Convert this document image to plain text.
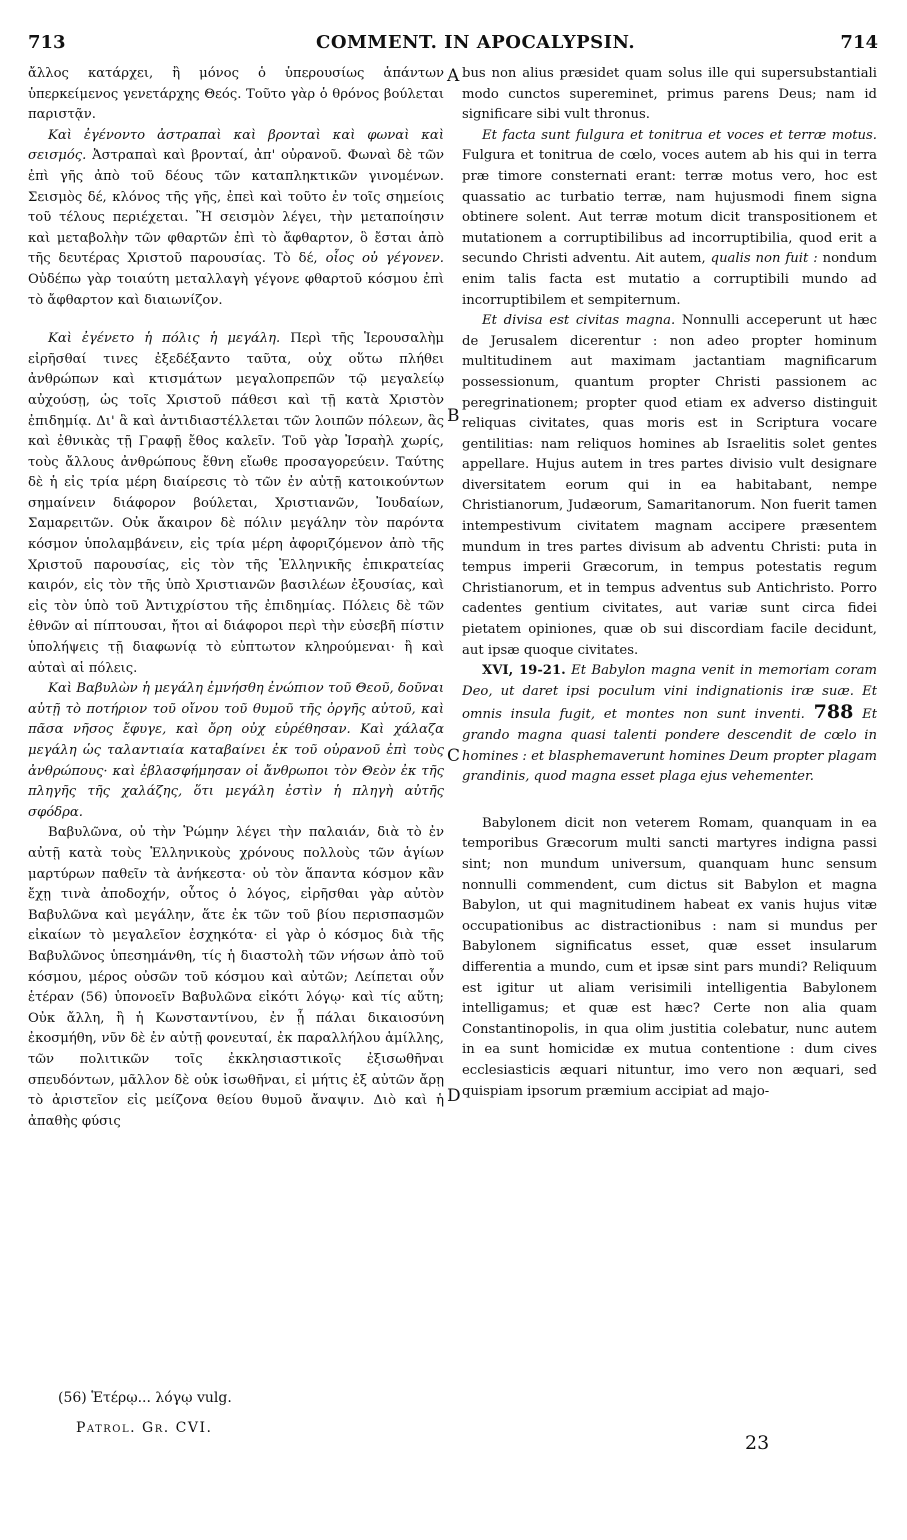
713	COMMENT. IN APOCALYPSIN.	714

ἄλλος κατάρχει, ἢ μόνος ὁ ὑπερουσίως ἁπάντων ὑπερκείμενος γενετάρχης Θεός. Τοῦτο γὰρ ὁ θρόνος βούλεται παριστᾷν.

Καὶ ἐγένοντο ἀστραπαὶ καὶ βρονταὶ καὶ φωναὶ καὶ σεισμός. Ἀστραπαὶ καὶ βρονταί, ἀπ' οὐρανοῦ. Φωναὶ δὲ τῶν ἐπὶ γῆς ἀπὸ τοῦ δέους τῶν καταπληκτικῶν γινομένων. Σεισμὸς δέ, κλόνος τῆς γῆς, ἐπεὶ καὶ τοῦτο ἐν τοῖς σημείοις τοῦ τέλους περιέχεται. Ἢ σεισμὸν λέγει, τὴν μεταποίησιν καὶ μεταβολὴν τῶν φθαρτῶν ἐπὶ τὸ ἄφθαρτον, ὃ ἔσται ἀπὸ τῆς δευτέρας Χριστοῦ παρουσίας. Τὸ δέ, οἷος οὐ γέγονεν. Οὐδέπω γὰρ τοιαύτη μεταλλαγὴ γέγονε φθαρτοῦ κόσμου ἐπὶ τὸ ἄφθαρτον καὶ διαιωνίζον.

Καὶ ἐγένετο ἡ πόλις ἡ μεγάλη. Περὶ τῆς Ἱερουσαλὴμ εἰρῆσθαί τινες ἐξεδέξαντο ταῦτα, οὐχ οὕτω πλήθει ἀνθρώπων καὶ κτισμάτων μεγαλοπρεπῶν τῷ μεγαλείῳ αὐχούσῃ, ὡς τοῖς Χριστοῦ πάθεσι καὶ τῇ κατὰ Χριστὸν ἐπιδημίᾳ. Δι' ἃ καὶ ἀντιδιαστέλλεται τῶν λοιπῶν πόλεων, ἃς καὶ ἐθνικὰς τῇ Γραφῇ ἔθος καλεῖν. Τοῦ γὰρ Ἰσραὴλ χωρίς, τοὺς ἄλλους ἀνθρώπους ἔθνη εἴωθε προσαγορεύειν. Ταύτης δὲ ἡ εἰς τρία μέρη διαίρεσις τὸ τῶν ἐν αὐτῇ κατοικούντων σημαίνειν διάφορον βούλεται, Χριστιανῶν, Ἰουδαίων, Σαμαρειτῶν. Οὐκ ἄκαιρον δὲ πόλιν μεγάλην τὸν παρόντα κόσμον ὑπολαμβάνειν, εἰς τρία μέρη ἀφοριζόμενον ἀπὸ τῆς Χριστοῦ παρουσίας, εἰς τὸν τῆς Ἑλληνικῆς ἐπικρατείας καιρόν, εἰς τὸν τῆς ὑπὸ Χριστιανῶν βασιλέων ἐξουσίας, καὶ εἰς τὸν ὑπὸ τοῦ Ἀντιχρίστου τῆς ἐπιδημίας. Πόλεις δὲ τῶν ἐθνῶν αἱ πίπτουσαι, ἤτοι αἱ διάφοροι περὶ τὴν εὐσεβῆ πίστιν ὑπολήψεις τῇ διαφωνίᾳ τὸ εὐπτωτον κληρούμεναι· ἢ καὶ αὐταὶ αἱ πόλεις.

Καὶ Βαβυλὼν ἡ μεγάλη ἐμνήσθη ἐνώπιον τοῦ Θεοῦ, δοῦναι αὐτῇ τὸ ποτήριον τοῦ οἴνου τοῦ θυμοῦ τῆς ὀργῆς αὐτοῦ, καὶ πᾶσα νῆσος ἔφυγε, καὶ ὄρη οὐχ εὑρέθησαν. Καὶ χάλαζα μεγάλη ὡς ταλαντιαία καταβαίνει ἐκ τοῦ οὐρανοῦ ἐπὶ τοὺς ἀνθρώπους· καὶ ἐβλασφήμησαν οἱ ἄνθρωποι τὸν Θεὸν ἐκ τῆς πληγῆς τῆς χαλάζης, ὅτι μεγάλη ἐστὶν ἡ πληγὴ αὐτῆς σφόδρα.

Βαβυλῶνα, οὐ τὴν Ῥώμην λέγει τὴν παλαιάν, διὰ τὸ ἐν αὐτῇ κατὰ τοὺς Ἑλληνικοὺς χρόνους πολλοὺς τῶν ἁγίων μαρτύρων παθεῖν τὰ ἀνήκεστα· οὐ τὸν ἅπαντα κόσμον κἂν ἔχῃ τινὰ ἀποδοχήν, οὗτος ὁ λόγος, εἰρῆσθαι γὰρ αὐτὸν Βαβυλῶνα καὶ μεγάλην, ἅτε ἐκ τῶν τοῦ βίου περισπασμῶν εἰκαίων τὸ μεγαλεῖον ἐσχηκότα· εἰ γὰρ ὁ κόσμος διὰ τῆς Βαβυλῶνος ὑπεσημάνθη, τίς ἡ διαστολὴ τῶν νήσων ἀπὸ τοῦ κόσμου, μέρος οὐσῶν τοῦ κόσμου καὶ αὐτῶν; Λείπεται οὖν ἑτέραν (56) ὑπονοεῖν Βαβυλῶνα εἰκότι λόγῳ· καὶ τίς αὕτη; Οὐκ ἄλλη, ἢ ἡ Κωνσταντίνου, ἐν ᾗ πάλαι δικαιοσύνη ἐκοσμήθη, νῦν δὲ ἐν αὐτῇ φονευταί, ἐκ παραλλήλου ἁμίλλης, τῶν πολιτικῶν τοῖς ἐκκλησιαστικοῖς ἐξισωθῆναι σπευδόντων, μᾶλλον δὲ οὐκ ἰσωθῆναι, εἰ μήτις ἐξ αὐτῶν ἄρῃ τὸ ἀριστεῖον εἰς μείζονα θείου θυμοῦ ἄναψιν. Διὸ καὶ ἡ ἀπαθὴς φύσις

A
B
C
D

bus non alius præsidet quam solus ille qui supersubstantiali modo cunctos supereminet, primus parens Deus; nam id significare sibi vult thronus.

Et facta sunt fulgura et tonitrua et voces et terræ motus. Fulgura et tonitrua de cœlo, voces autem ab his qui in terra præ timore consternati erant: terræ motus vero, hoc est quassatio ac turbatio terræ, nam hujusmodi finem signa obtinere solent. Aut terræ motum dicit transpositionem et mutationem a corruptibilibus ad incorruptibilia, quod erit a secundo Christi adventu. Ait autem, qualis non fuit : nondum enim talis facta est mutatio a corruptibili mundo ad incorruptibilem et sempiternum.

Et divisa est civitas magna. Nonnulli acceperunt ut hæc de Jerusalem dicerentur : non adeo propter hominum multitudinem aut maximam jactantiam magnificarum possessionum, quantum propter Christi passionem ac peregrinationem; propter quod etiam ex adverso distinguit reliquas civitates, quas moris est in Scriptura vocare gentilitias: nam reliquos homines ab Israelitis solet gentes appellare. Hujus autem in tres partes divisio vult designare diversitatem eorum qui in ea habitabant, nempe Christianorum, Judæorum, Samaritanorum. Non fuerit tamen intempestivum civitatem magnam accipere præsentem mundum in tres partes divisum ab adventu Christi: puta in tempus imperii Græcorum, in tempus potestatis regum Christianorum, et in tempus adventus sub Antichristo. Porro cadentes gentium civitates, aut variæ sunt circa fidei pietatem opiniones, quæ ob sui discordiam facile decidunt, aut ipsæ quoque civitates.

XVI, 19-21. Et Babylon magna venit in memoriam coram Deo, ut daret ipsi poculum vini indignationis iræ suæ. Et omnis insula fugit, et montes non sunt inventi. 788 Et grando magna quasi talenti pondere descendit de cœlo in homines : et blasphemaverunt homines Deum propter plagam grandinis, quod magna esset plaga ejus vehementer.

Babylonem dicit non veterem Romam, quanquam in ea temporibus Græcorum multi sancti martyres indigna passi sint; non mundum universum, quanquam hunc sensum nonnulli commendent, cum dictus sit Babylon et magna Babylon, ut qui magnitudinem habeat ex vanis hujus vitæ occupationibus ac distractionibus : nam si mundus per Babylonem significatus esset, quæ esset insularum differentia a mundo, cum et ipsæ sint pars mundi? Reliquum est igitur ut aliam verisimili intelligentia Babylonem intelligamus; et quæ est hæc? Certe non alia quam Constantinopolis, in qua olim justitia colebatur, nunc autem in ea sunt homicidæ ex mutua contentione : dum cives ecclesiasticis æquari nituntur, imo vero non æquari, sed quispiam ipsorum præmium accipiat ad majo-

(56) Ἑτέρῳ... λόγῳ vulg.
Patrol. Gr. CVI.
23
